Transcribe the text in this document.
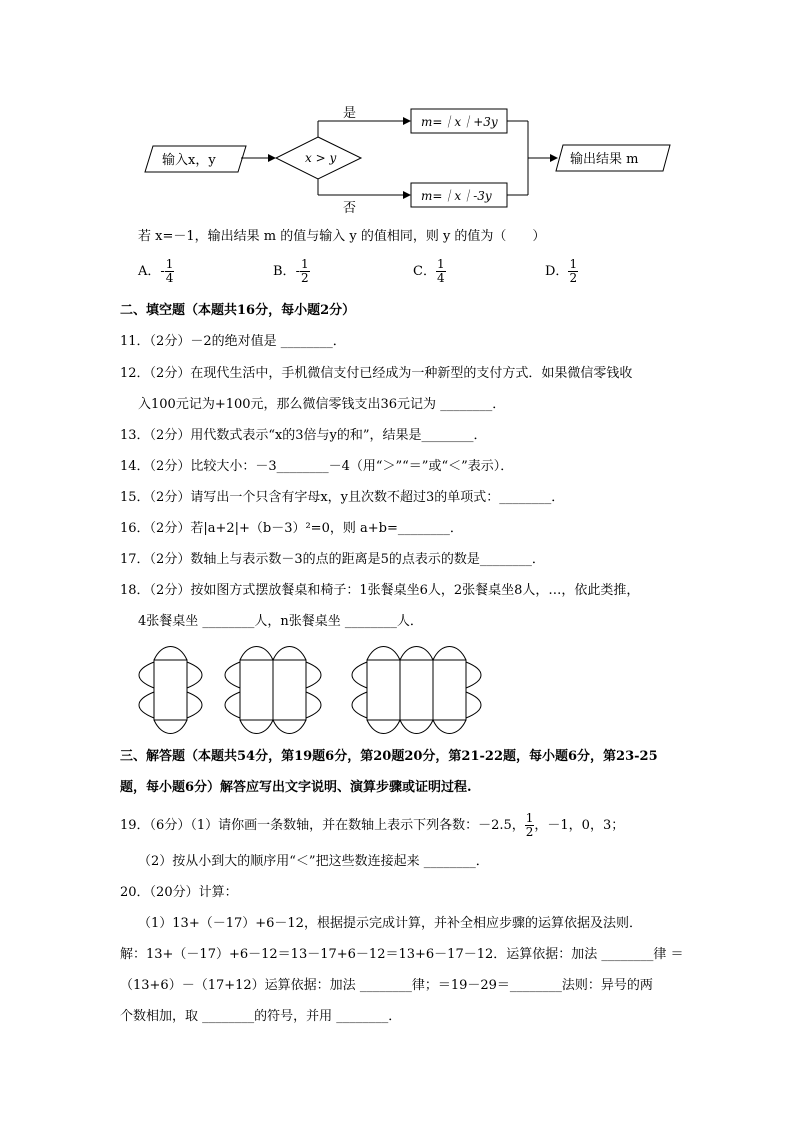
输入x，y	x > y
是
否
m=｜x｜+3y
m=｜x｜-3y
输出结果 m
若 x=－1，输出结果 m 的值与输入 y 的值相同，则 y 的值为（　　）
A．- $\frac{1}{4}$	B．- $\frac{1}{2}$	C． $\frac{1}{4}$	D． $\frac{1}{2}$
二、填空题（本题共16分，每小题2分）
11．（2分）－2的绝对值是 ________．
12．（2分）在现代生活中，手机微信支付已经成为一种新型的支付方式．如果微信零钱收
入100元记为+100元，那么微信零钱支出36元记为 ________．
13．（2分）用代数式表示“x的3倍与y的和”，结果是________．
14．（2分）比较大小：－3________－4（用“＞”“＝”或“＜”表示）．
15．（2分）请写出一个只含有字母x，y且次数不超过3的单项式：________．
16．（2分）若|a+2|+（b－3）²=0，则 a+b=________．
17．（2分）数轴上与表示数－3的点的距离是5的点表示的数是________．
18．（2分）按如图方式摆放餐桌和椅子：1张餐桌坐6人，2张餐桌坐8人，…，依此类推，
4张餐桌坐 ________人，n张餐桌坐 ________人．
三、解答题（本题共54分，第19题6分，第20题20分，第21-22题，每小题6分，第23-25
题，每小题6分）解答应写出文字说明、演算步骤或证明过程.
19．（6分）（1）请你画一条数轴，并在数轴上表示下列各数：－2.5， $\frac{1}{2}$ ，－1，0，3；
（2）按从小到大的顺序用“＜”把这些数连接起来 ________．
20．（20分）计算：
（1）13+（－17）+6－12，根据提示完成计算，并补全相应步骤的运算依据及法则．
解：13+（－17）+6－12＝13－17+6－12＝13+6－17－12．运算依据：加法 ________律 ＝
（13+6）－（17+12）运算依据：加法 ________律；＝19－29＝________法则：异号的两
个数相加，取 ________的符号，并用 ________．
